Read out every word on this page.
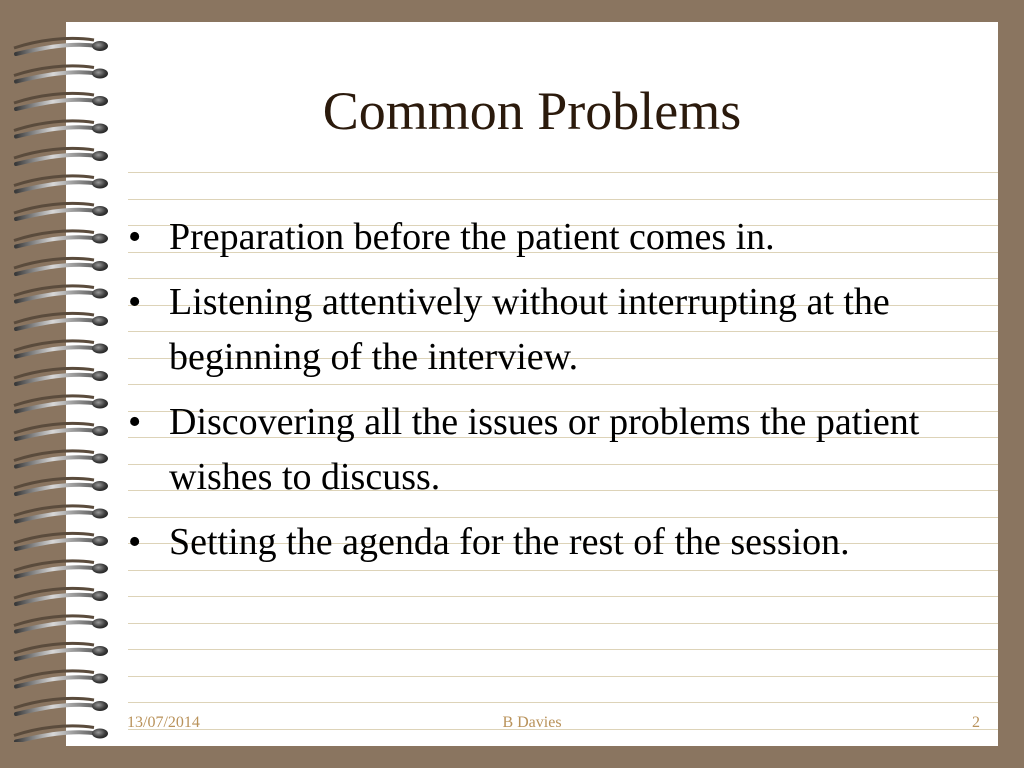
Common Problems
• Preparation before the patient comes in.
• Listening attentively without interrupting at the beginning of the interview.
• Discovering all the issues or problems the patient wishes to discuss.
• Setting the agenda for the rest of the session.
13/07/2014	B Davies	2
